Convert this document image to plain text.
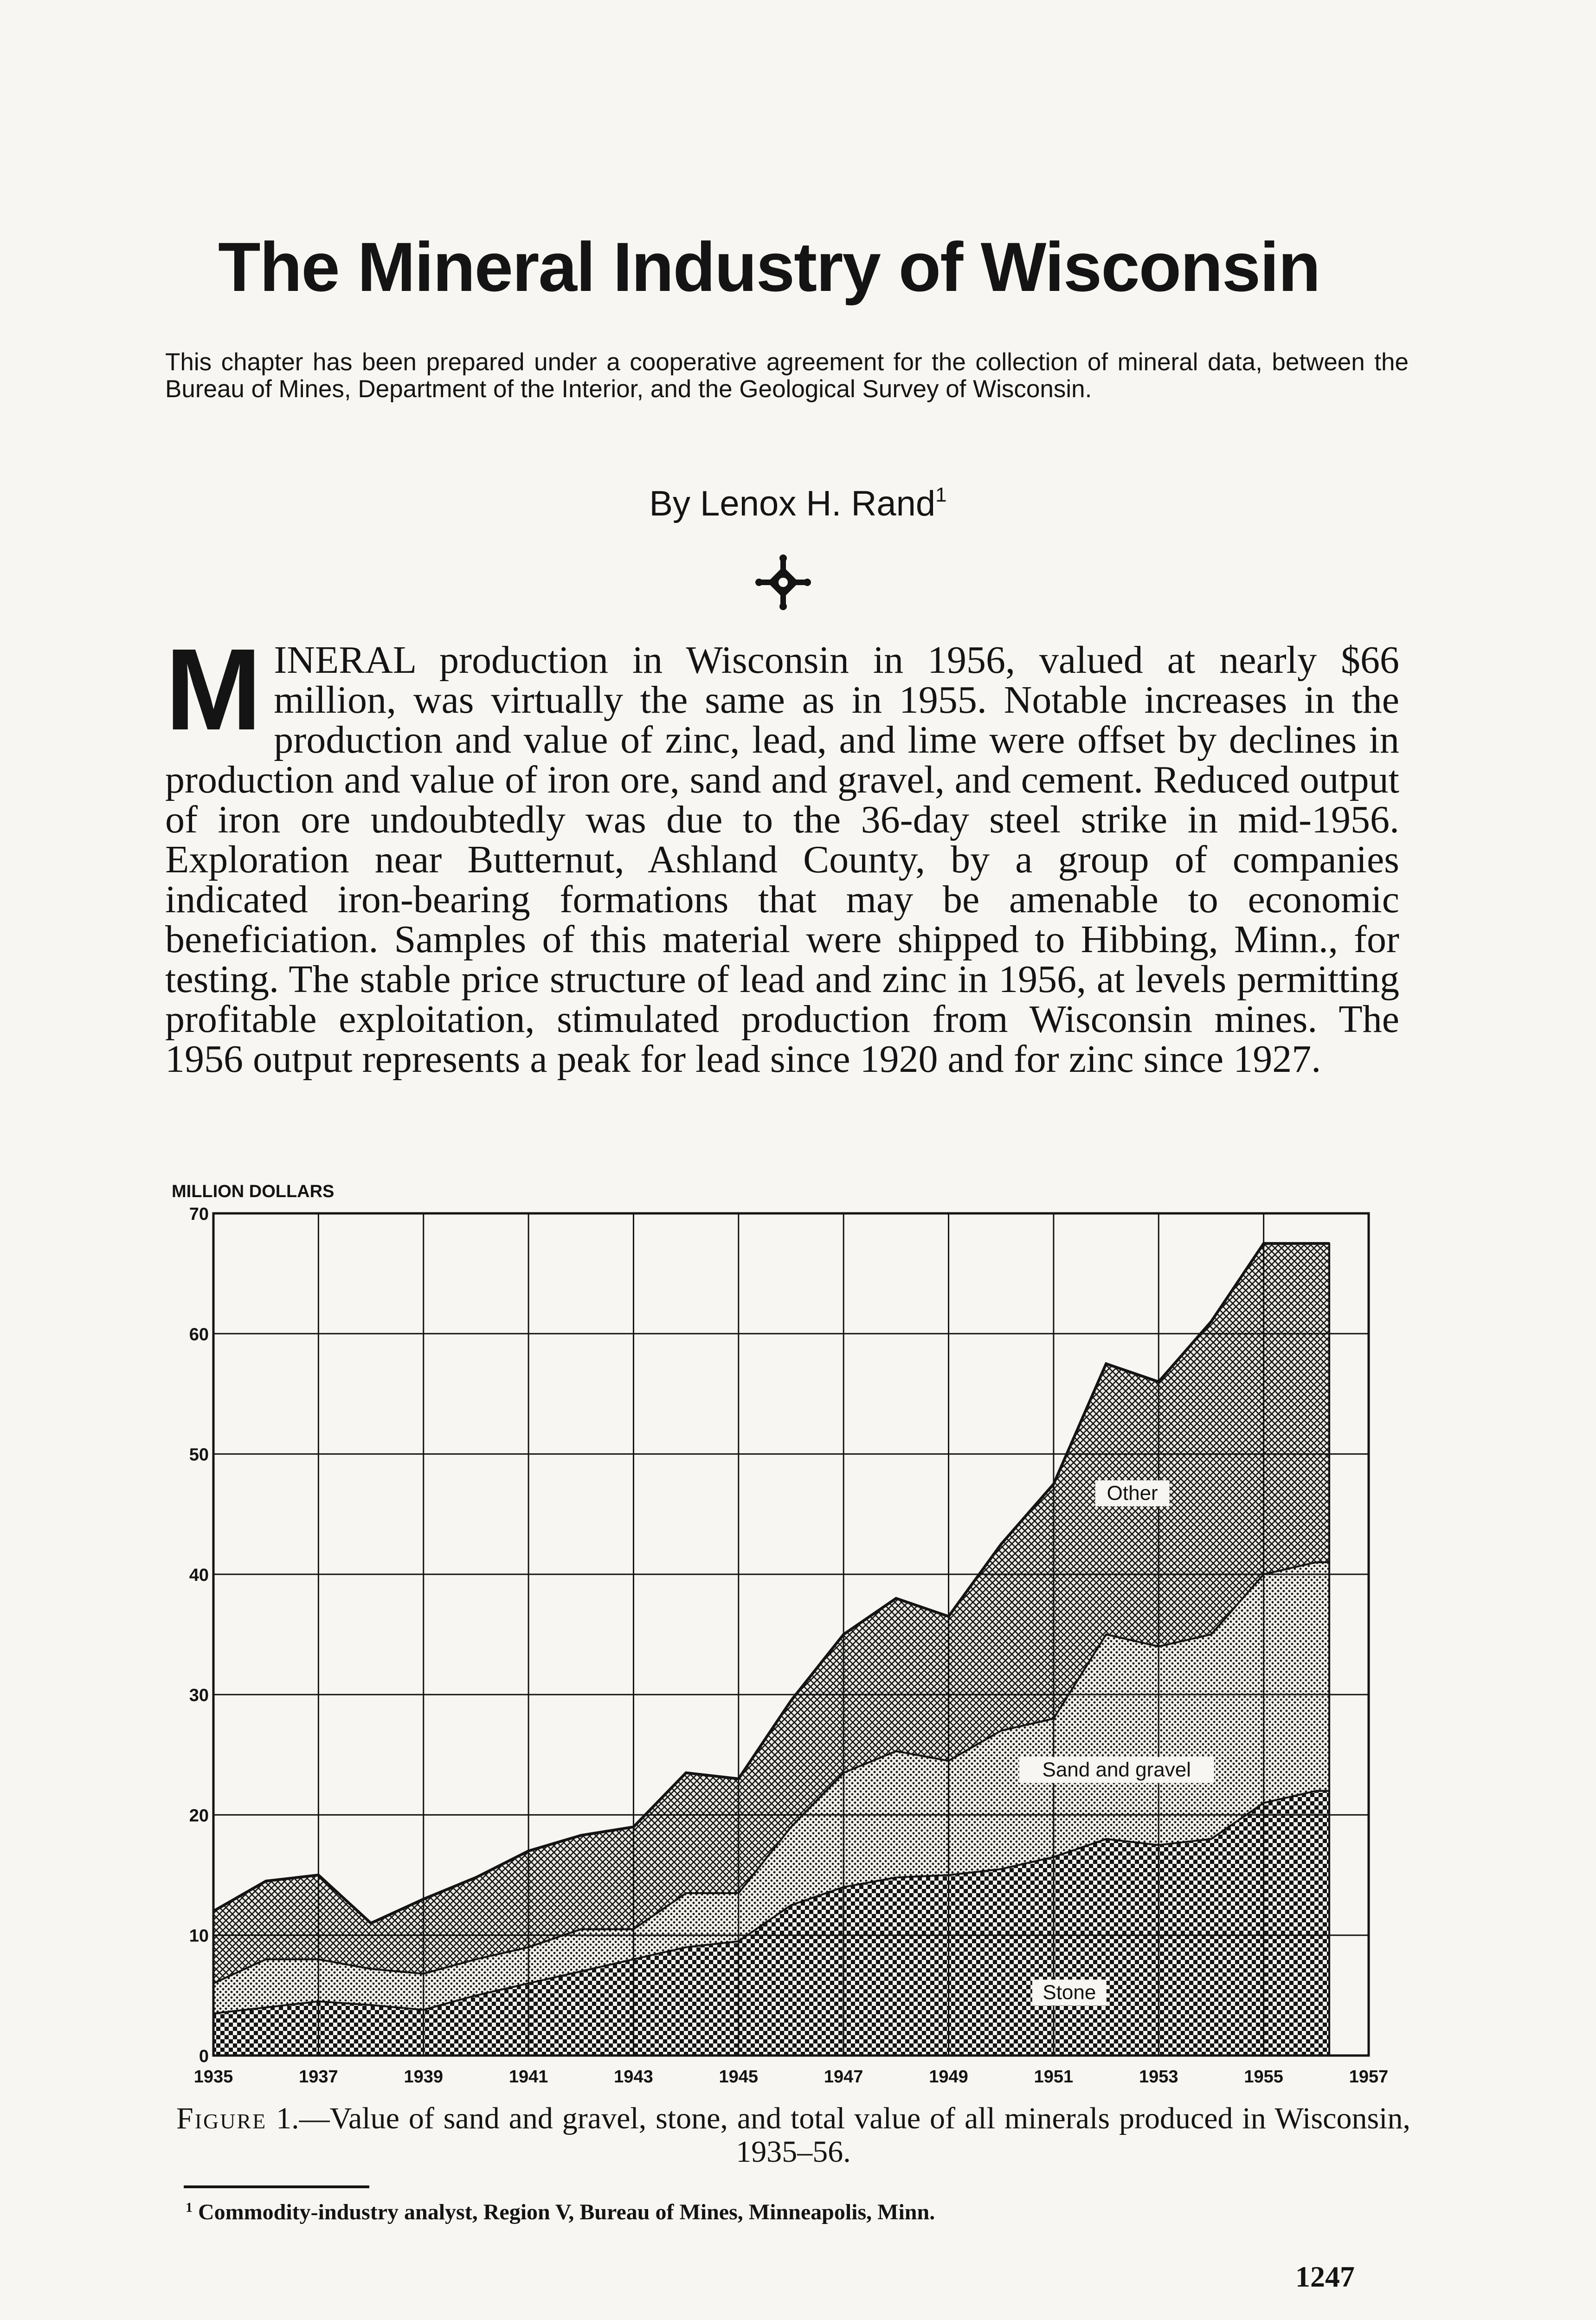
The Mineral Industry of Wisconsin
This chapter has been prepared under a cooperative agreement for the collection of mineral data, between the Bureau of Mines, Department of the Interior, and the Geological Survey of Wisconsin.
By Lenox H. Rand$^1$
MINERAL production in Wisconsin in 1956, valued at nearly $66 million, was virtually the same as in 1955. Notable increases in the production and value of zinc, lead, and lime were offset by declines in production and value of iron ore, sand and gravel, and cement. Reduced output of iron ore undoubtedly was due to the 36-day steel strike in mid-1956. Exploration near Butternut, Ashland County, by a group of companies indicated iron-bearing formations that may be amenable to economic beneficiation. Samples of this material were shipped to Hibbing, Minn., for testing. The stable price structure of lead and zinc in 1956, at levels permitting profitable exploitation, stimulated production from Wisconsin mines. The 1956 output represents a peak for lead since 1920 and for zinc since 1927.
MILLION DOLLARS
Other
Sand and gravel
Stone
0
10
20
30
40
50
60
70
1935	1937	1939	1941	1943	1945	1947	1949	1951	1953	1955	1957
Figure 1.—Value of sand and gravel, stone, and total value of all minerals produced in Wisconsin, 1935–56.
$^1$ Commodity-industry analyst, Region V, Bureau of Mines, Minneapolis, Minn.
1247
